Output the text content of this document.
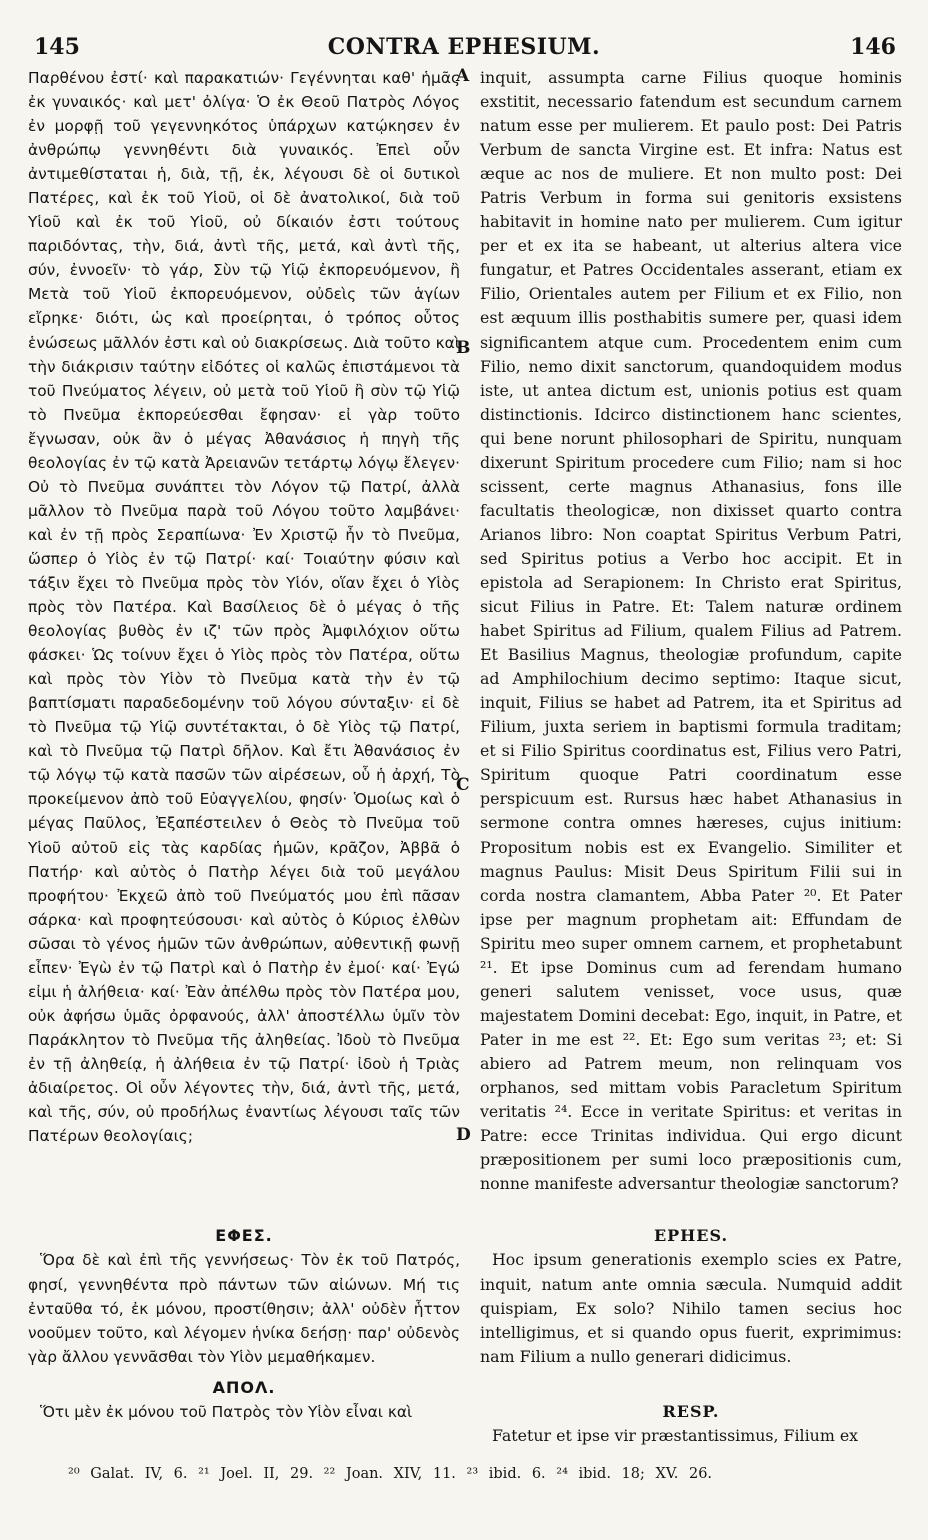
145	CONTRA EPHESIUM.	146
A
B
C
D

Παρθένου ἐστί· καὶ παρακατιών· Γεγέννηται καθ' ἡμᾶς ἐκ γυναικός· καὶ μετ' ὀλίγα· Ὁ ἐκ Θεοῦ Πατρὸς Λόγος ἐν μορφῇ τοῦ γεγεννηκότος ὑπάρχων κατῴκησεν ἐν ἀνθρώπῳ γεννηθέντι διὰ γυναικός. Ἐπεὶ οὖν ἀντιμεθίσταται ἡ, διὰ, τῇ, ἐκ, λέγουσι δὲ οἱ δυτικοὶ Πατέρες, καὶ ἐκ τοῦ Υἱοῦ, οἱ δὲ ἀνατολικοί, διὰ τοῦ Υἱοῦ καὶ ἐκ τοῦ Υἱοῦ, οὐ δίκαιόν ἐστι τούτους παριδόντας, τὴν, διά, ἀντὶ τῆς, μετά, καὶ ἀντὶ τῆς, σύν, ἐννοεῖν· τὸ γάρ, Σὺν τῷ Υἱῷ ἐκπορευόμενον, ἢ Μετὰ τοῦ Υἱοῦ ἐκπορευόμενον, οὐδεὶς τῶν ἁγίων εἴρηκε· διότι, ὡς καὶ προείρηται, ὁ τρόπος οὗτος ἑνώσεως μᾶλλόν ἐστι καὶ οὐ διακρίσεως. Διὰ τοῦτο καὶ τὴν διάκρισιν ταύτην εἰδότες οἱ καλῶς ἐπιστάμενοι τὰ τοῦ Πνεύματος λέγειν, οὐ μετὰ τοῦ Υἱοῦ ἢ σὺν τῷ Υἱῷ τὸ Πνεῦμα ἐκπορεύεσθαι ἔφησαν· εἰ γὰρ τοῦτο ἔγνωσαν, οὐκ ἂν ὁ μέγας Ἀθανάσιος ἡ πηγὴ τῆς θεολογίας ἐν τῷ κατὰ Ἀρειανῶν τετάρτῳ λόγῳ ἔλεγεν· Οὐ τὸ Πνεῦμα συνάπτει τὸν Λόγον τῷ Πατρί, ἀλλὰ μᾶλλον τὸ Πνεῦμα παρὰ τοῦ Λόγου τοῦτο λαμβάνει· καὶ ἐν τῇ πρὸς Σεραπίωνα· Ἐν Χριστῷ ἦν τὸ Πνεῦμα, ὥσπερ ὁ Υἱὸς ἐν τῷ Πατρί· καί· Τοιαύτην φύσιν καὶ τάξιν ἔχει τὸ Πνεῦμα πρὸς τὸν Υἱόν, οἵαν ἔχει ὁ Υἱὸς πρὸς τὸν Πατέρα. Καὶ Βασίλειος δὲ ὁ μέγας ὁ τῆς θεολογίας βυθὸς ἐν ιζ' τῶν πρὸς Ἀμφιλόχιον οὕτω φάσκει· Ὡς τοίνυν ἔχει ὁ Υἱὸς πρὸς τὸν Πατέρα, οὕτω καὶ πρὸς τὸν Υἱὸν τὸ Πνεῦμα κατὰ τὴν ἐν τῷ βαπτίσματι παραδεδομένην τοῦ λόγου σύνταξιν· εἰ δὲ τὸ Πνεῦμα τῷ Υἱῷ συντέτακται, ὁ δὲ Υἱὸς τῷ Πατρί, καὶ τὸ Πνεῦμα τῷ Πατρὶ δῆλον. Καὶ ἔτι Ἀθανάσιος ἐν τῷ λόγῳ τῷ κατὰ πασῶν τῶν αἱρέσεων, οὗ ἡ ἀρχή, Τὸ προκείμενον ἀπὸ τοῦ Εὐαγγελίου, φησίν· Ὁμοίως καὶ ὁ μέγας Παῦλος, Ἐξαπέστειλεν ὁ Θεὸς τὸ Πνεῦμα τοῦ Υἱοῦ αὐτοῦ εἰς τὰς καρδίας ἡμῶν, κρᾶζον, Ἀββᾶ ὁ Πατήρ· καὶ αὐτὸς ὁ Πατὴρ λέγει διὰ τοῦ μεγάλου προφήτου· Ἐκχεῶ ἀπὸ τοῦ Πνεύματός μου ἐπὶ πᾶσαν σάρκα· καὶ προφητεύσουσι· καὶ αὐτὸς ὁ Κύριος ἐλθὼν σῶσαι τὸ γένος ἡμῶν τῶν ἀνθρώπων, αὐθεντικῇ φωνῇ εἶπεν· Ἐγὼ ἐν τῷ Πατρὶ καὶ ὁ Πατὴρ ἐν ἐμοί· καί· Ἐγώ εἰμι ἡ ἀλήθεια· καί· Ἐὰν ἀπέλθω πρὸς τὸν Πατέρα μου, οὐκ ἀφήσω ὑμᾶς ὀρφανούς, ἀλλ' ἀποστέλλω ὑμῖν τὸν Παράκλητον τὸ Πνεῦμα τῆς ἀληθείας. Ἰδοὺ τὸ Πνεῦμα ἐν τῇ ἀληθείᾳ, ἡ ἀλήθεια ἐν τῷ Πατρί· ἰδοὺ ἡ Τριὰς ἀδιαίρετος. Οἱ οὖν λέγοντες τὴν, διά, ἀντὶ τῆς, μετά, καὶ τῆς, σύν, οὐ προδήλως ἐναντίως λέγουσι ταῖς τῶν Πατέρων θεολογίαις;

inquit, assumpta carne Filius quoque hominis exstitit, necessario fatendum est secundum carnem natum esse per mulierem. Et paulo post: Dei Patris Verbum de sancta Virgine est. Et infra: Natus est æque ac nos de muliere. Et non multo post: Dei Patris Verbum in forma sui genitoris exsistens habitavit in homine nato per mulierem. Cum igitur per et ex ita se habeant, ut alterius altera vice fungatur, et Patres Occidentales asserant, etiam ex Filio, Orientales autem per Filium et ex Filio, non est æquum illis posthabitis sumere per, quasi idem significantem atque cum. Procedentem enim cum Filio, nemo dixit sanctorum, quandoquidem modus iste, ut antea dictum est, unionis potius est quam distinctionis. Idcirco distinctionem hanc scientes, qui bene norunt philosophari de Spiritu, nunquam dixerunt Spiritum procedere cum Filio; nam si hoc scissent, certe magnus Athanasius, fons ille facultatis theologicæ, non dixisset quarto contra Arianos libro: Non coaptat Spiritus Verbum Patri, sed Spiritus potius a Verbo hoc accipit. Et in epistola ad Serapionem: In Christo erat Spiritus, sicut Filius in Patre. Et: Talem naturæ ordinem habet Spiritus ad Filium, qualem Filius ad Patrem. Et Basilius Magnus, theologiæ profundum, capite ad Amphilochium decimo septimo: Itaque sicut, inquit, Filius se habet ad Patrem, ita et Spiritus ad Filium, juxta seriem in baptismi formula traditam; et si Filio Spiritus coordinatus est, Filius vero Patri, Spiritum quoque Patri coordinatum esse perspicuum est. Rursus hæc habet Athanasius in sermone contra omnes hæreses, cujus initium: Propositum nobis est ex Evangelio. Similiter et magnus Paulus: Misit Deus Spiritum Filii sui in corda nostra clamantem, Abba Pater ²⁰. Et Pater ipse per magnum prophetam ait: Effundam de Spiritu meo super omnem carnem, et prophetabunt ²¹. Et ipse Dominus cum ad ferendam humano generi salutem venisset, voce usus, quæ majestatem Domini decebat: Ego, inquit, in Patre, et Pater in me est ²². Et: Ego sum veritas ²³; et: Si abiero ad Patrem meum, non relinquam vos orphanos, sed mittam vobis Paracletum Spiritum veritatis ²⁴. Ecce in veritate Spiritus: et veritas in Patre: ecce Trinitas individua. Qui ergo dicunt præpositionem per sumi loco præpositionis cum, nonne manifeste adversantur theologiæ sanctorum?

ΕΦΕΣ.

Ὅρα δὲ καὶ ἐπὶ τῆς γεννήσεως· Τὸν ἐκ τοῦ Πατρός, φησί, γεννηθέντα πρὸ πάντων τῶν αἰώνων. Μή τις ἐνταῦθα τό, ἐκ μόνου, προστίθησιν; ἀλλ' οὐδὲν ἧττον νοοῦμεν τοῦτο, καὶ λέγομεν ἡνίκα δεήσῃ· παρ' οὐδενὸς γὰρ ἄλλου γεννᾶσθαι τὸν Υἱὸν μεμαθήκαμεν.

ΑΠΟΛ.

Ὅτι μὲν ἐκ μόνου τοῦ Πατρὸς τὸν Υἱὸν εἶναι καὶ

EPHES.

Hoc ipsum generationis exemplo scies ex Patre, inquit, natum ante omnia sæcula. Numquid addit quispiam, Ex solo? Nihilo tamen secius hoc intelligimus, et si quando opus fuerit, exprimimus: nam Filium a nullo generari didicimus.

RESP.

Fatetur et ipse vir præstantissimus, Filium ex

²⁰ Galat. IV, 6. ²¹ Joel. II, 29. ²² Joan. XIV, 11. ²³ ibid. 6. ²⁴ ibid. 18; XV. 26.
